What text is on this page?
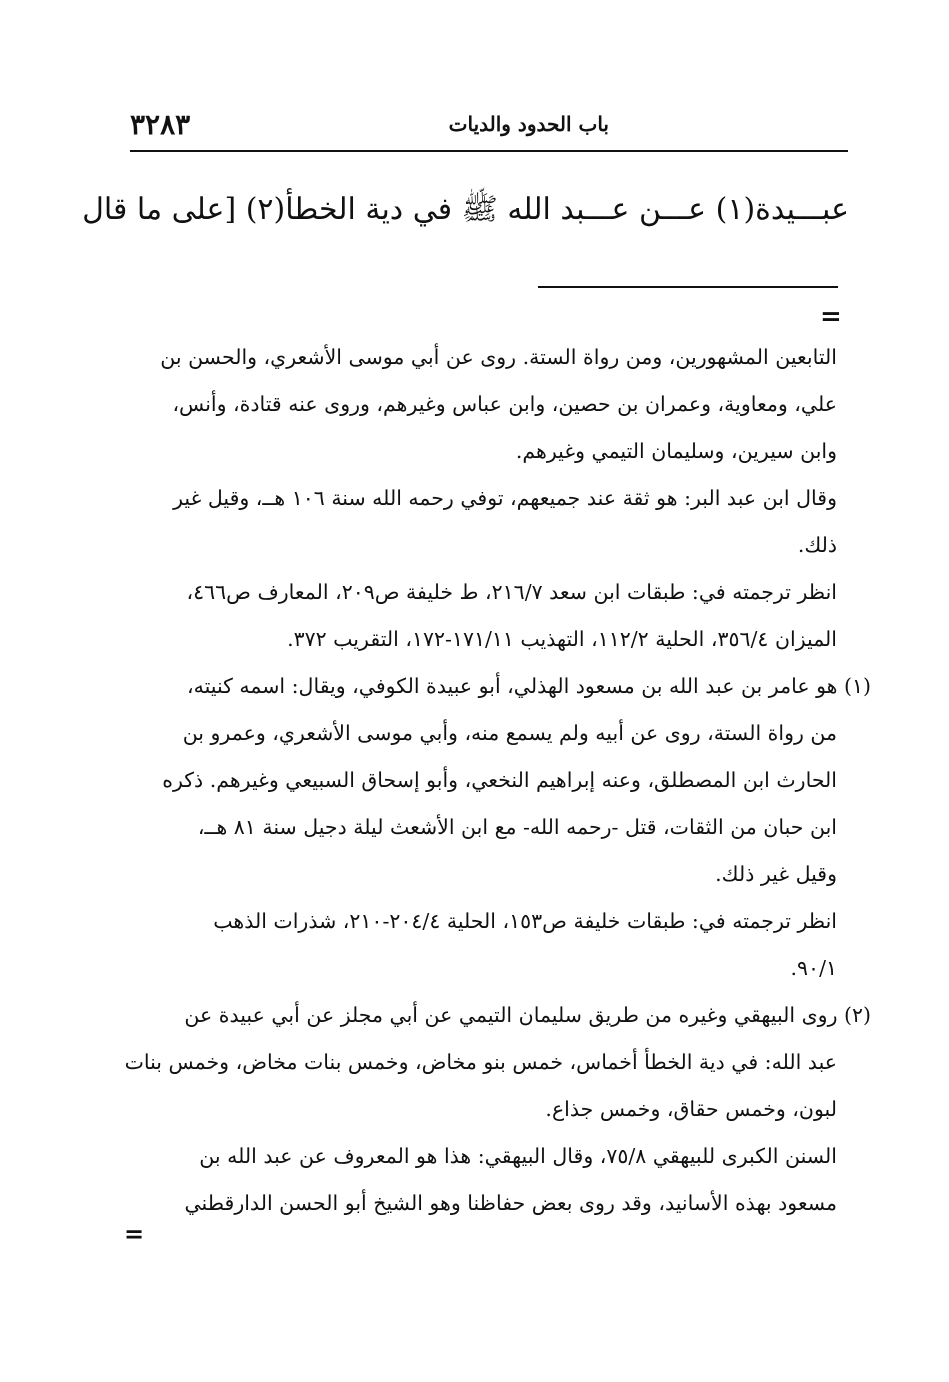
باب الحدود والديات
٣٢٨٣
عبـــيدة(١) عـــن عـــبد الله ﷺ في دية الخطأ(٢) [على ما قال
=
التابعين المشهورين، ومن رواة الستة. روى عن أبي موسى الأشعري، والحسن بن
علي، ومعاوية، وعمران بن حصين، وابن عباس وغيرهم، وروى عنه قتادة، وأنس،
وابن سيرين، وسليمان التيمي وغيرهم.
وقال ابن عبد البر: هو ثقة عند جميعهم، توفي رحمه الله سنة ١٠٦ هــ، وقيل غير
ذلك.
انظر ترجمته في: طبقات ابن سعد ٢١٦/٧، ط خليفة ص٢٠٩، المعارف ص٤٦٦،
الميزان ٣٥٦/٤، الحلية ١١٢/٢، التهذيب ١٧١/١١-١٧٢، التقريب ٣٧٢.
(١) هو عامر بن عبد الله بن مسعود الهذلي، أبو عبيدة الكوفي، ويقال: اسمه كنيته،
من رواة الستة، روى عن أبيه ولم يسمع منه، وأبي موسى الأشعري، وعمرو بن
الحارث ابن المصطلق، وعنه إبراهيم النخعي، وأبو إسحاق السبيعي وغيرهم. ذكره
ابن حبان من الثقات، قتل -رحمه الله- مع ابن الأشعث ليلة دجيل سنة ٨١ هــ،
وقيل غير ذلك.
انظر ترجمته في: طبقات خليفة ص١٥٣، الحلية ٢٠٤/٤-٢١٠، شذرات الذهب
٩٠/١.
(٢) روى البيهقي وغيره من طريق سليمان التيمي عن أبي مجلز عن أبي عبيدة عن
عبد الله: في دية الخطأ أخماس، خمس بنو مخاض، وخمس بنات مخاض، وخمس بنات
لبون، وخمس حقاق، وخمس جذاع.
السنن الكبرى للبيهقي ٧٥/٨، وقال البيهقي: هذا هو المعروف عن عبد الله بن
مسعود بهذه الأسانيد، وقد روى بعض حفاظنا وهو الشيخ أبو الحسن الدارقطني
=
